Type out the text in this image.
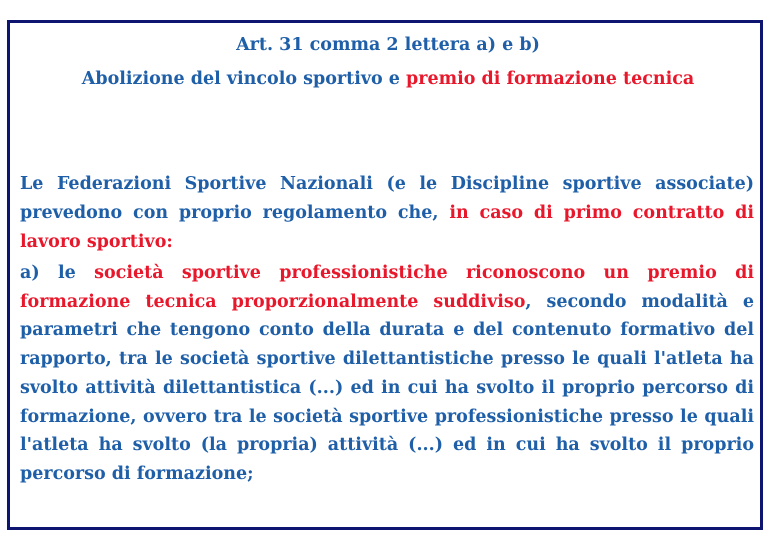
Art. 31 comma 2 lettera a) e b)
Abolizione del vincolo sportivo e premio di formazione tecnica
Le Federazioni Sportive Nazionali (e le Discipline sportive associate) prevedono con proprio regolamento che, in caso di primo contratto di lavoro sportivo:
a) le società sportive professionistiche riconoscono un premio di formazione tecnica proporzionalmente suddiviso, secondo modalità e parametri che tengono conto della durata e del contenuto formativo del rapporto, tra le società sportive dilettantistiche presso le quali l'atleta ha svolto attività dilettantistica (...) ed in cui ha svolto il proprio percorso di formazione, ovvero tra le società sportive professionistiche presso le quali l'atleta ha svolto (la propria) attività (...) ed in cui ha svolto il proprio percorso di formazione;
